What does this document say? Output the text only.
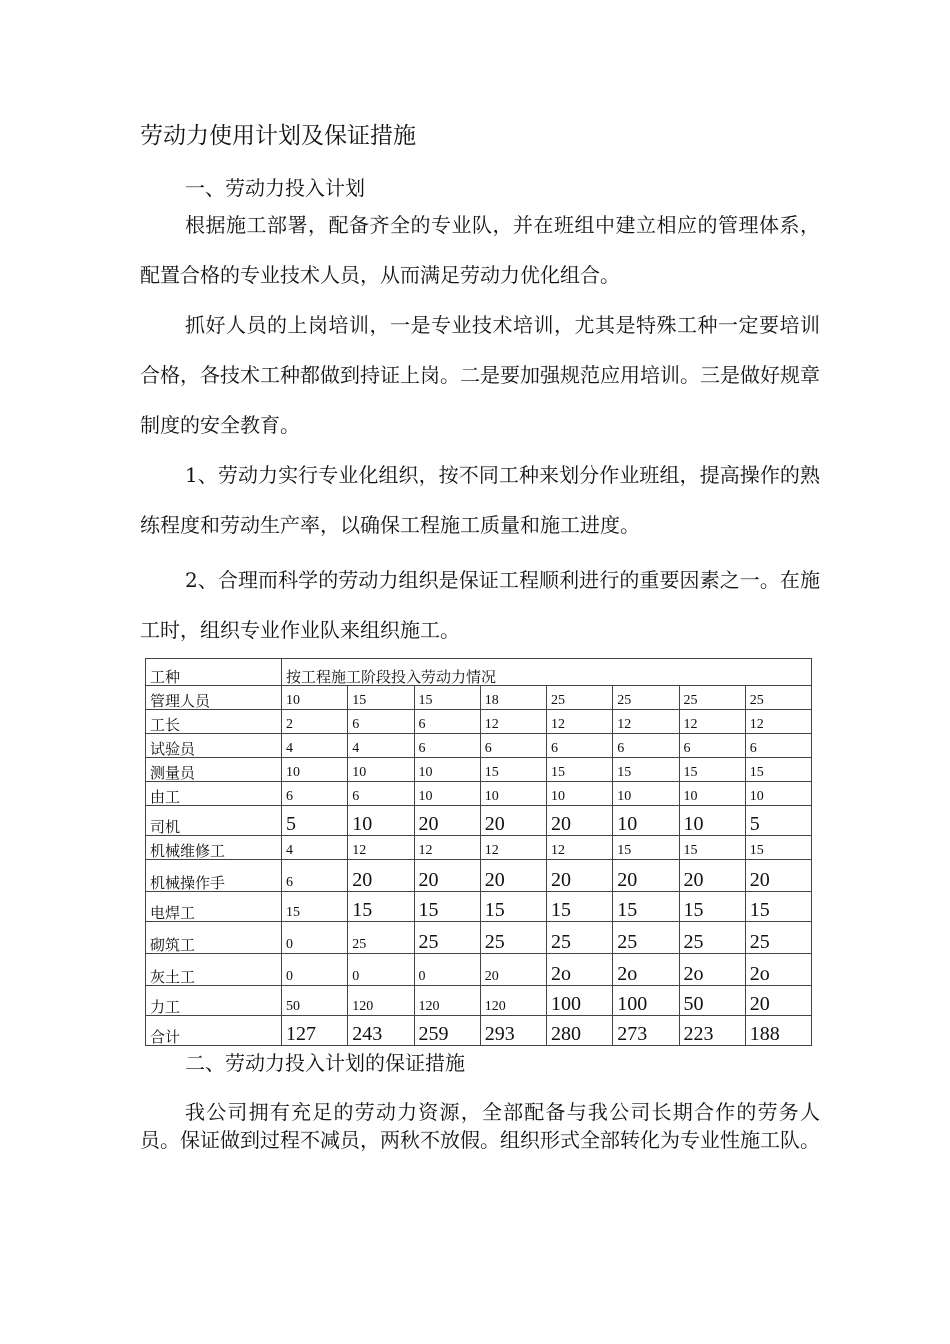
劳动力使用计划及保证措施
一、劳动力投入计划

根据施工部署，配备齐全的专业队，并在班组中建立相应的管理体系，配置合格的专业技术人员，从而满足劳动力优化组合。

抓好人员的上岗培训，一是专业技术培训，尤其是特殊工种一定要培训合格，各技术工种都做到持证上岗。二是要加强规范应用培训。三是做好规章制度的安全教育。

1、劳动力实行专业化组织，按不同工种来划分作业班组，提高操作的熟练程度和劳动生产率，以确保工程施工质量和施工进度。

2、合理而科学的劳动力组织是保证工程顺利进行的重要因素之一。在施工时，组织专业作业队来组织施工。

工种	按工程施工阶段投入劳动力情况							
管理人员	10	15	15	18	25	25	25	25
工长	2	6	6	12	12	12	12	12
试验员	4	4	6	6	6	6	6	6
测量员	10	10	10	15	15	15	15	15
由工	6	6	10	10	10	10	10	10
司机	5	10	20	20	20	10	10	5
机械维修工	4	12	12	12	12	15	15	15
机械操作手	6	20	20	20	20	20	20	20
电焊工	15	15	15	15	15	15	15	15
砌筑工	0	25	25	25	25	25	25	25
灰土工	0	0	0	20	2o	2o	2o	2o
力工	50	120	120	120	100	100	50	20
合计	127	243	259	293	280	273	223	188
二、劳动力投入计划的保证措施

我公司拥有充足的劳动力资源，全部配备与我公司长期合作的劳务人员。保证做到过程不减员，两秋不放假。组织形式全部转化为专业性施工队。
